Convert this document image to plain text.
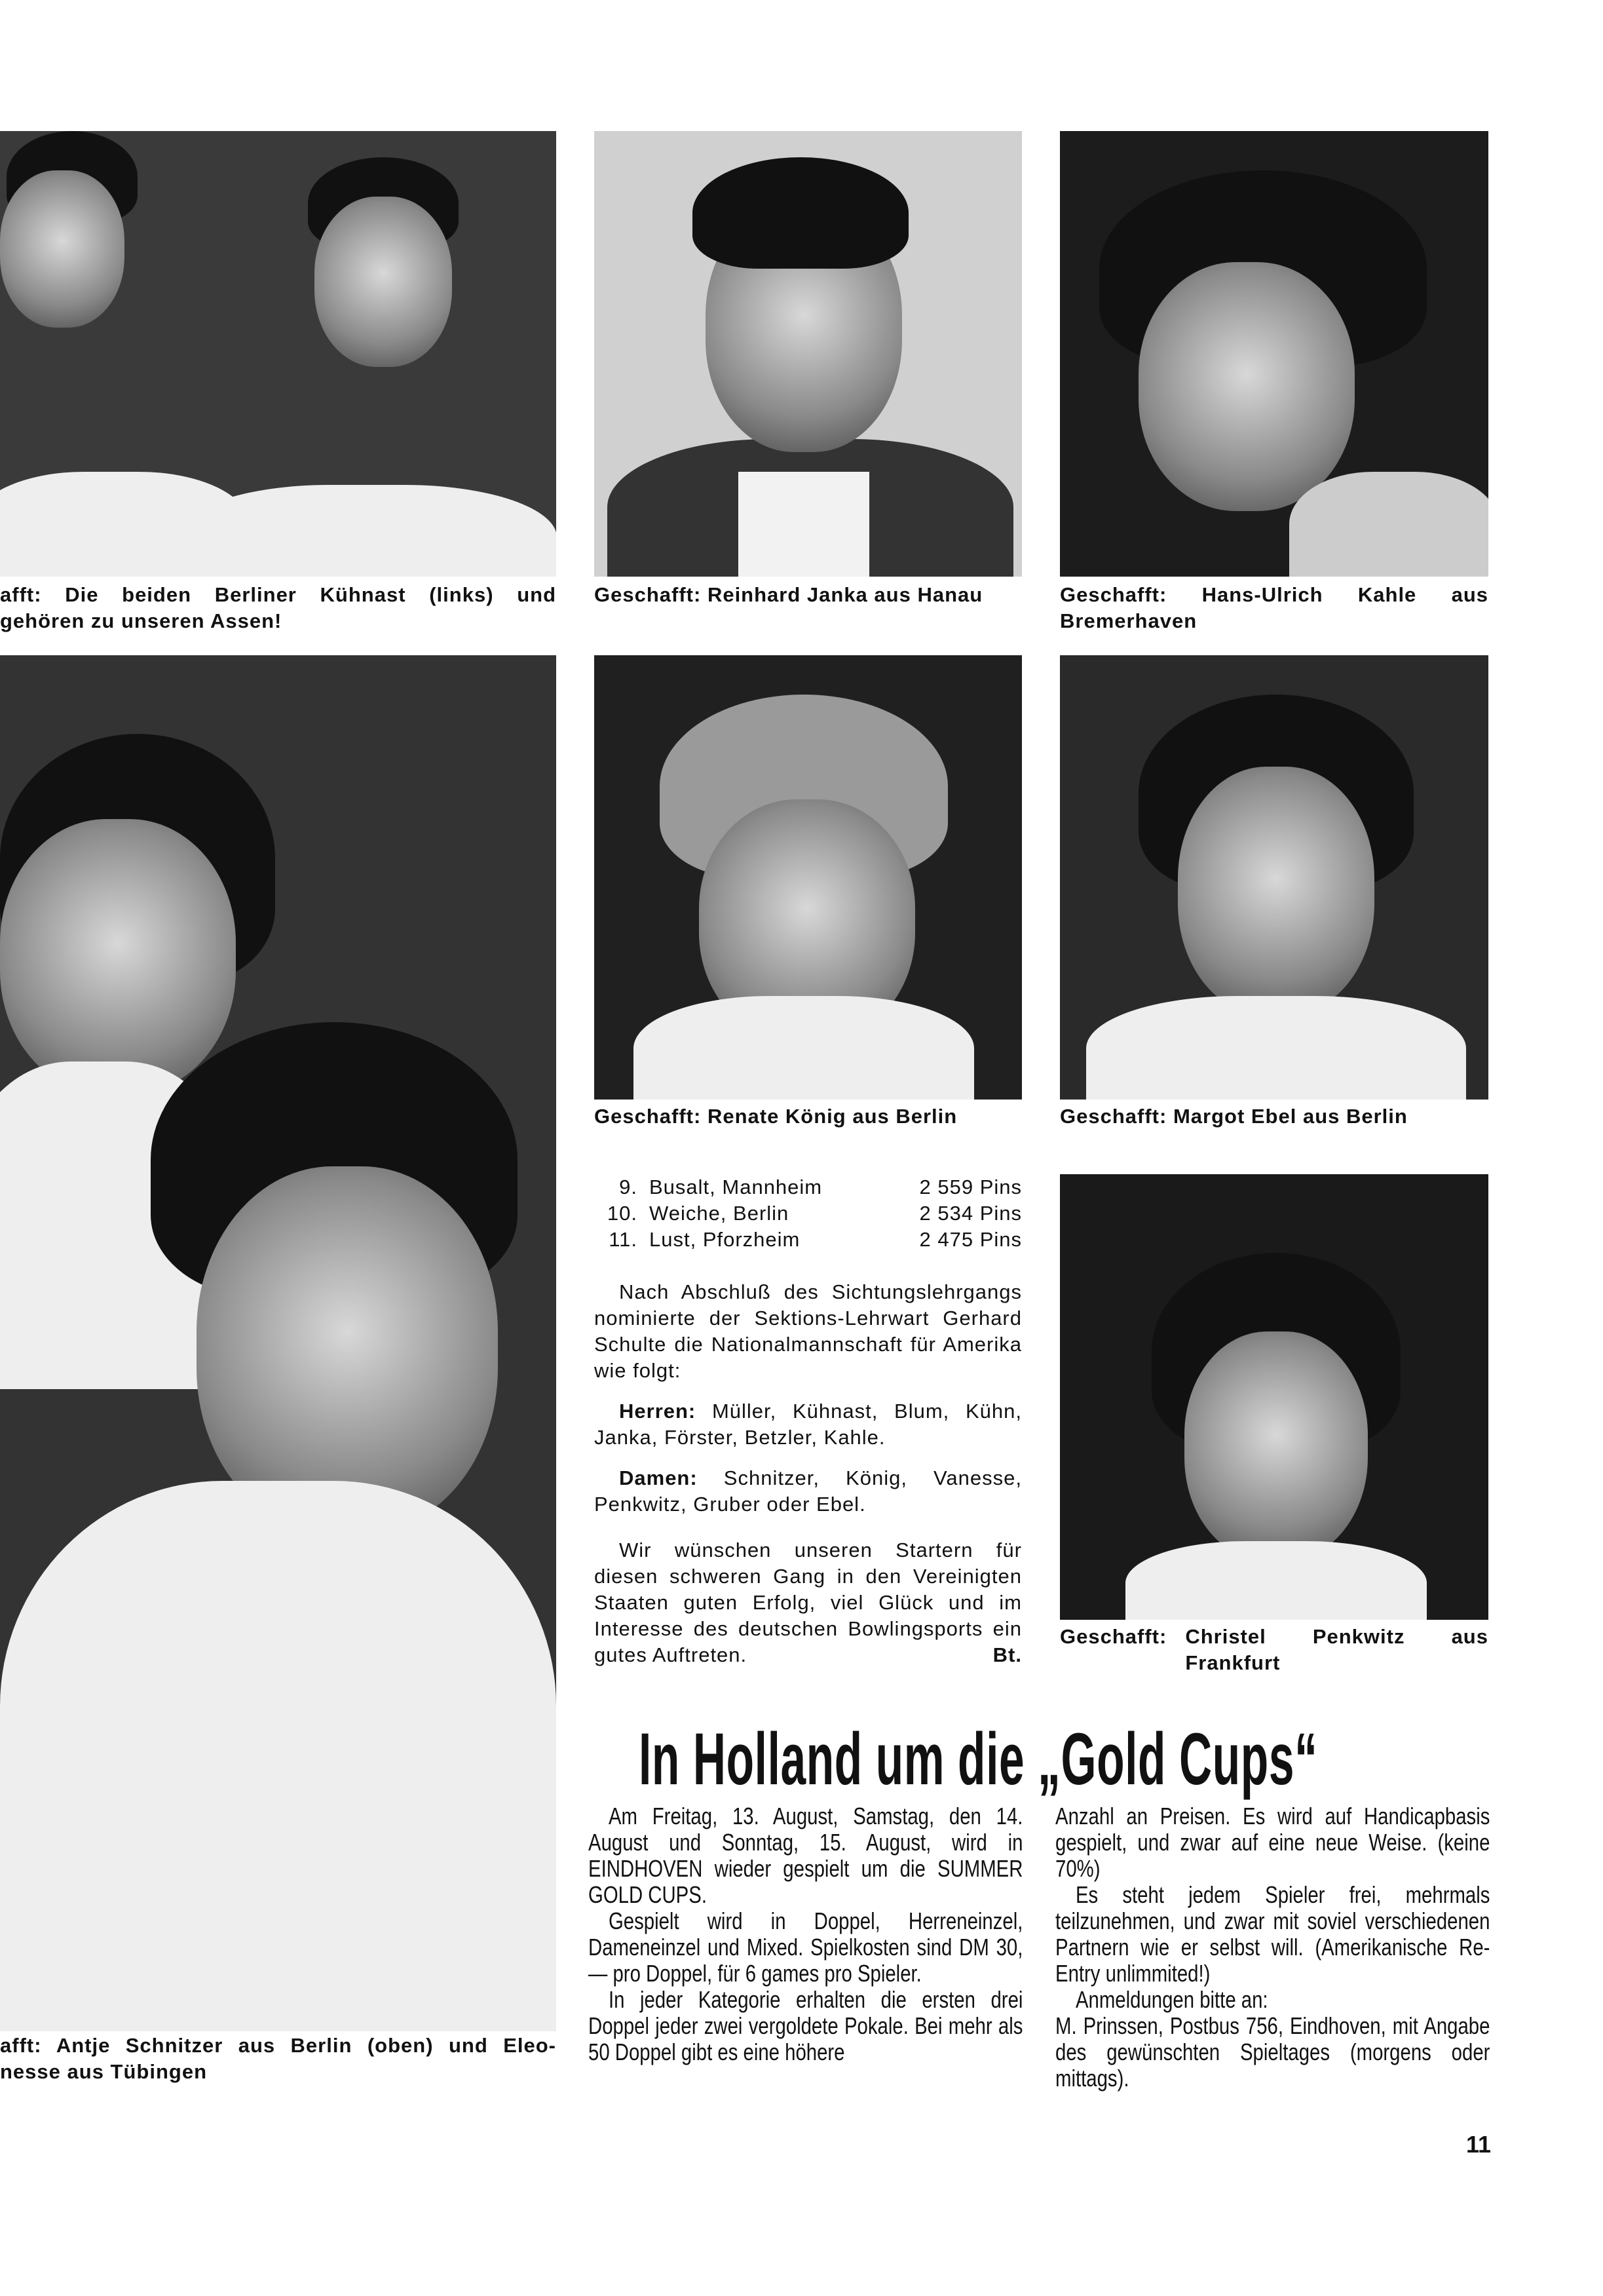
afft: Die beiden Berliner Kühnast (links) und
gehören zu unseren Assen!
Geschafft: Reinhard Janka aus Hanau	Geschafft: Hans-Ulrich Kahle aus Bremerhaven
Geschafft: Renate König aus Berlin	Geschafft: Margot Ebel aus Berlin
9. Busalt, Mannheim	2 559 Pins
10. Weiche, Berlin	2 534 Pins
11. Lust, Pforzheim	2 475 Pins

Nach Abschluß des Sichtungslehrgangs nominierte der Sektions-Lehrwart Gerhard Schulte die Nationalmannschaft für Amerika wie folgt:

Herren: Müller, Kühnast, Blum, Kühn, Janka, Förster, Betzler, Kahle.

Damen: Schnitzer, König, Vanesse, Penkwitz, Gruber oder Ebel.

Wir wünschen unseren Startern für diesen schweren Gang in den Vereinigten Staaten guten Erfolg, viel Glück und im Interesse des deutschen Bowlingsports ein gutes Auftreten.	Bt.
Geschafft: Christel Penkwitz aus Frankfurt
In Holland um die „Gold Cups“

Am Freitag, 13. August, Samstag, den 14. August und Sonntag, 15. August, wird in EINDHOVEN wieder gespielt um die SUMMER GOLD CUPS.

Gespielt wird in Doppel, Herreneinzel, Dameneinzel und Mixed. Spielkosten sind DM 30,— pro Doppel, für 6 games pro Spieler.

In jeder Kategorie erhalten die ersten drei Doppel jeder zwei vergoldete Pokale. Bei mehr als 50 Doppel gibt es eine höhere

Anzahl an Preisen. Es wird auf Handicapbasis gespielt, und zwar auf eine neue Weise. (keine 70%)

Es steht jedem Spieler frei, mehrmals teilzunehmen, und zwar mit soviel verschiedenen Partnern wie er selbst will. (Amerikanische Re-Entry unlimmited!)

Anmeldungen bitte an:

M. Prinssen, Postbus 756, Eindhoven, mit Angabe des gewünschten Spieltages (morgens oder mittags).

afft: Antje Schnitzer aus Berlin (oben) und Eleo-
nesse aus Tübingen
11
